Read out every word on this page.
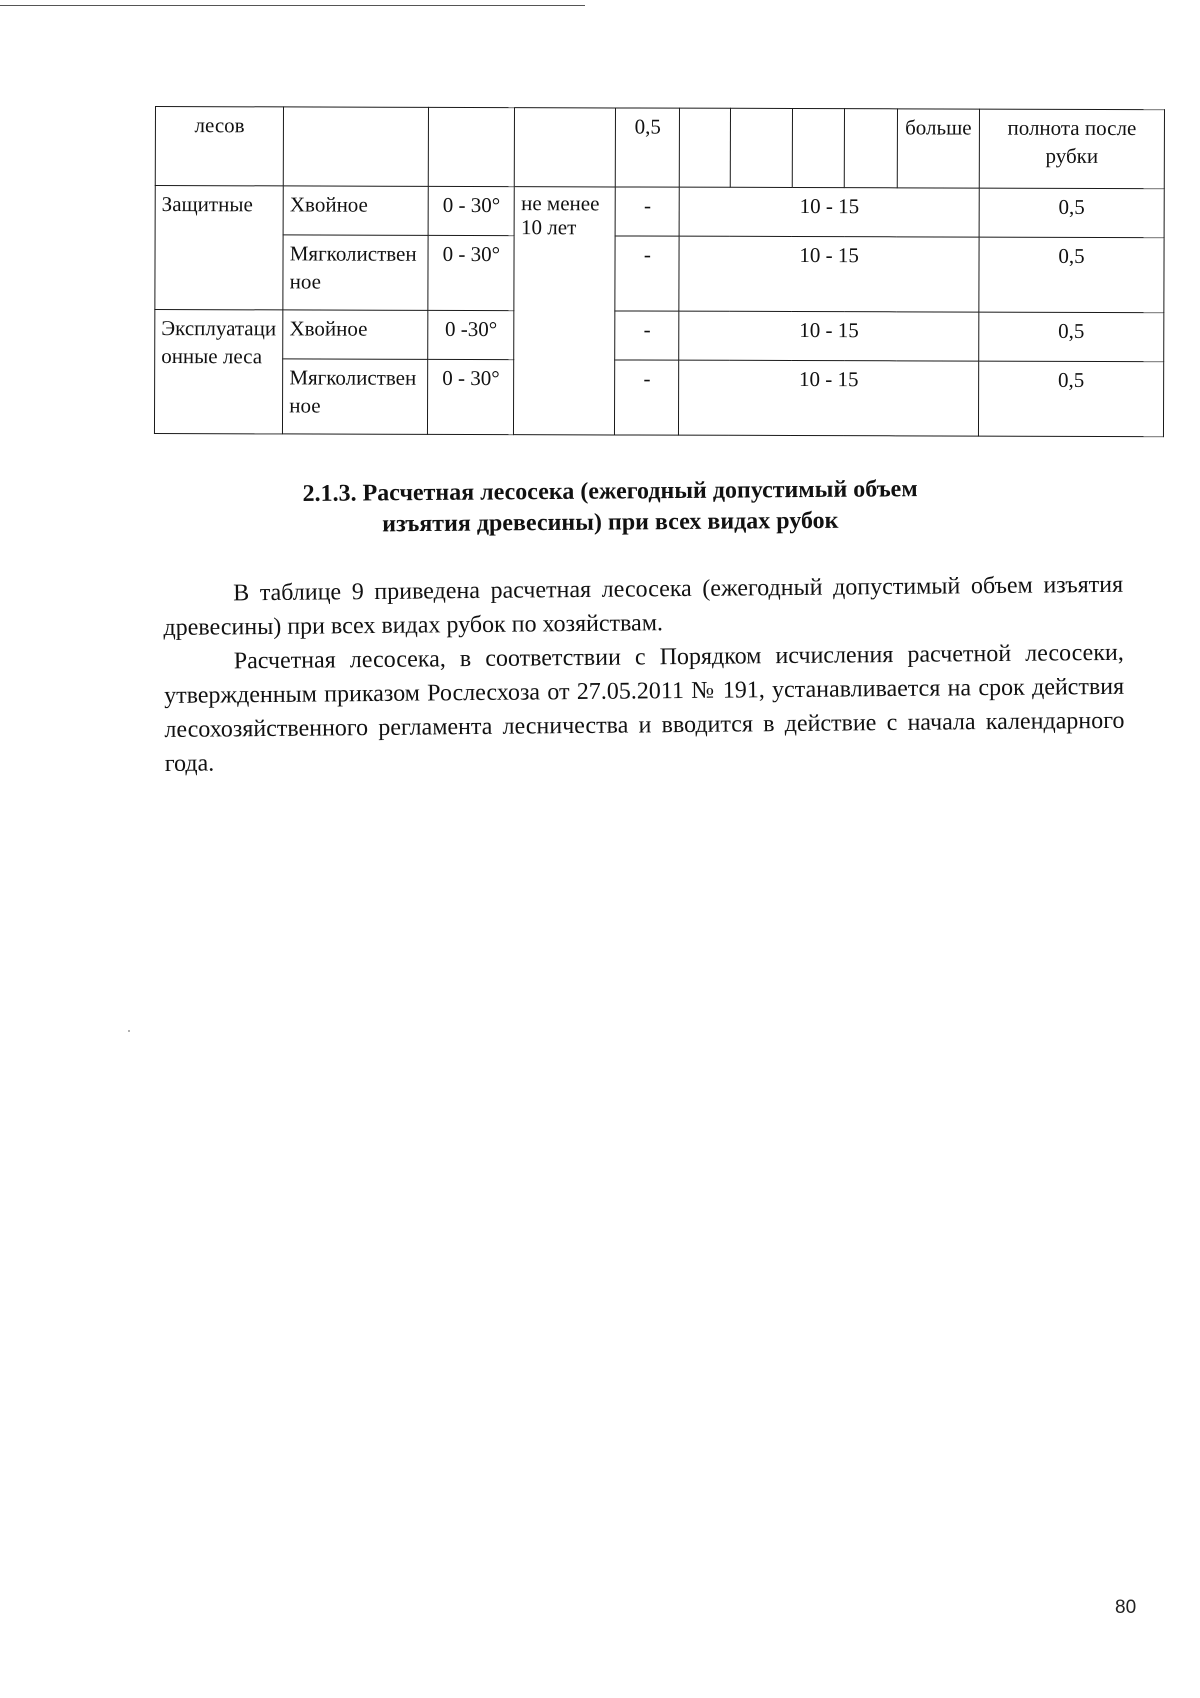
лесов				0,5					больше	полнота после рубки
Защитные	Хвойное	0 - 30°	не менее 10 лет	-	10 - 15					0,5
	Мягколиственное	0 - 30°		-	10 - 15					0,5
Эксплуатационные леса	Хвойное	0 -30°		-	10 - 15					0,5
	Мягколиственное	0 - 30°		-	10 - 15					0,5
2.1.3. Расчетная лесосека (ежегодный допустимый объем
изъятия древесины) при всех видах рубок

В таблице 9 приведена расчетная лесосека (ежегодный допустимый объем изъятия древесины) при всех видах рубок по хозяйствам.

Расчетная лесосека, в соответствии с Порядком исчисления расчетной лесосеки, утвержденным приказом Рослесхоза от 27.05.2011 № 191, устанавливается на срок действия лесохозяйственного регламента лесничества и вводится в действие с начала календарного года.

80
